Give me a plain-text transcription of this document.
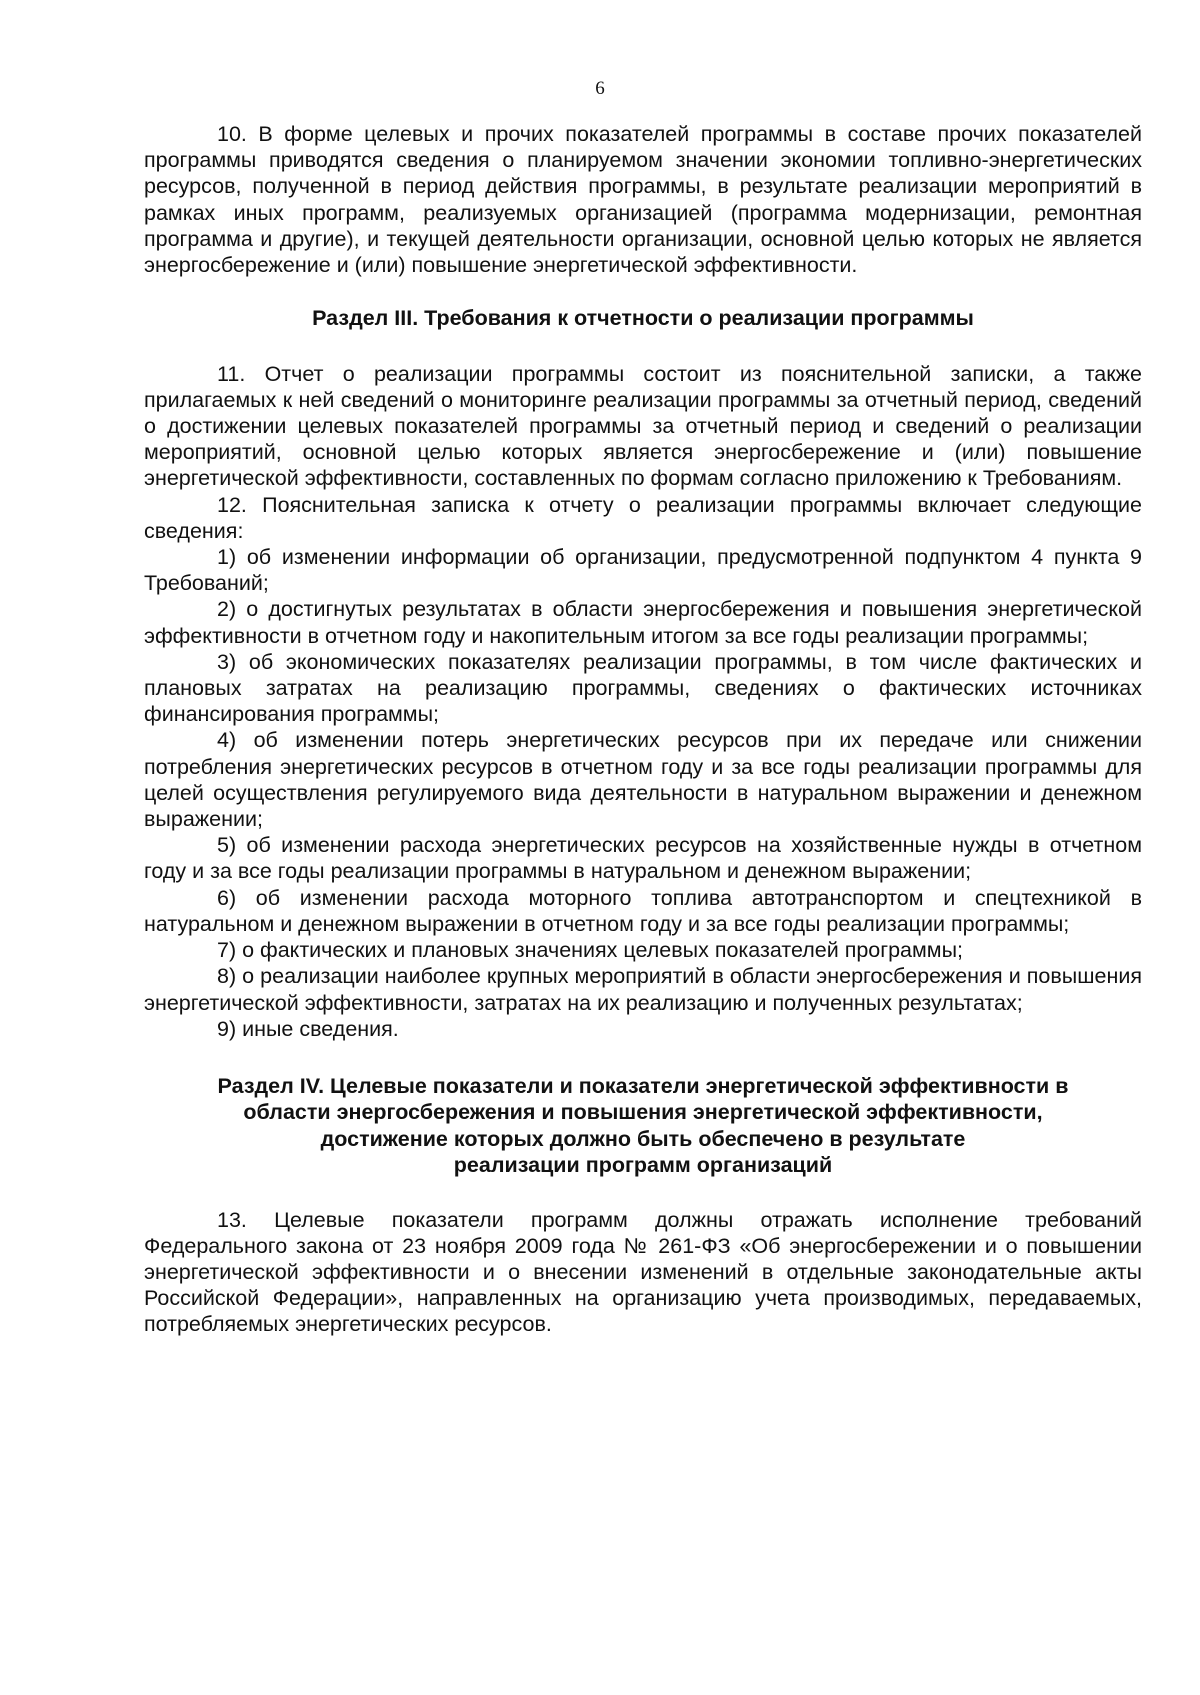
6

10. В форме целевых и прочих показателей программы в составе прочих показателей программы приводятся сведения о планируемом значении экономии топливно-энергетических ресурсов, полученной в период действия программы, в результате реализации мероприятий в рамках иных программ, реализуемых организацией (программа модернизации, ремонтная программа и другие), и текущей деятельности организации, основной целью которых не является энергосбережение и (или) повышение энергетической эффективности.

Раздел III. Требования к отчетности о реализации программы

11. Отчет о реализации программы состоит из пояснительной записки, а также прилагаемых к ней сведений о мониторинге реализации программы за отчетный период, сведений о достижении целевых показателей программы за отчетный период и сведений о реализации мероприятий, основной целью которых является энергосбережение и (или) повышение энергетической эффективности, составленных по формам согласно приложению к Требованиям.

12. Пояснительная записка к отчету о реализации программы включает следующие сведения:

1) об изменении информации об организации, предусмотренной подпунктом 4 пункта 9 Требований;

2) о достигнутых результатах в области энергосбережения и повышения энергетической эффективности в отчетном году и накопительным итогом за все годы реализации программы;

3) об экономических показателях реализации программы, в том числе фактических и плановых затратах на реализацию программы, сведениях о фактических источниках финансирования программы;

4) об изменении потерь энергетических ресурсов при их передаче или снижении потребления энергетических ресурсов в отчетном году и за все годы реализации программы для целей осуществления регулируемого вида деятельности в натуральном выражении и денежном выражении;

5) об изменении расхода энергетических ресурсов на хозяйственные нужды в отчетном году и за все годы реализации программы в натуральном и денежном выражении;

6) об изменении расхода моторного топлива автотранспортом и спецтехникой в натуральном и денежном выражении в отчетном году и за все годы реализации программы;

7) о фактических и плановых значениях целевых показателей программы;

8) о реализации наиболее крупных мероприятий в области энергосбережения и повышения энергетической эффективности, затратах на их реализацию и полученных результатах;

9) иные сведения.

Раздел IV. Целевые показатели и показатели энергетической эффективности в
области энергосбережения и повышения энергетической эффективности,
достижение которых должно быть обеспечено в результате
реализации программ организаций

13. Целевые показатели программ должны отражать исполнение требований Федерального закона от 23 ноября 2009 года № 261-ФЗ «Об энергосбережении и о повышении энергетической эффективности и о внесении изменений в отдельные законодательные акты Российской Федерации», направленных на организацию учета производимых, передаваемых, потребляемых энергетических ресурсов.
